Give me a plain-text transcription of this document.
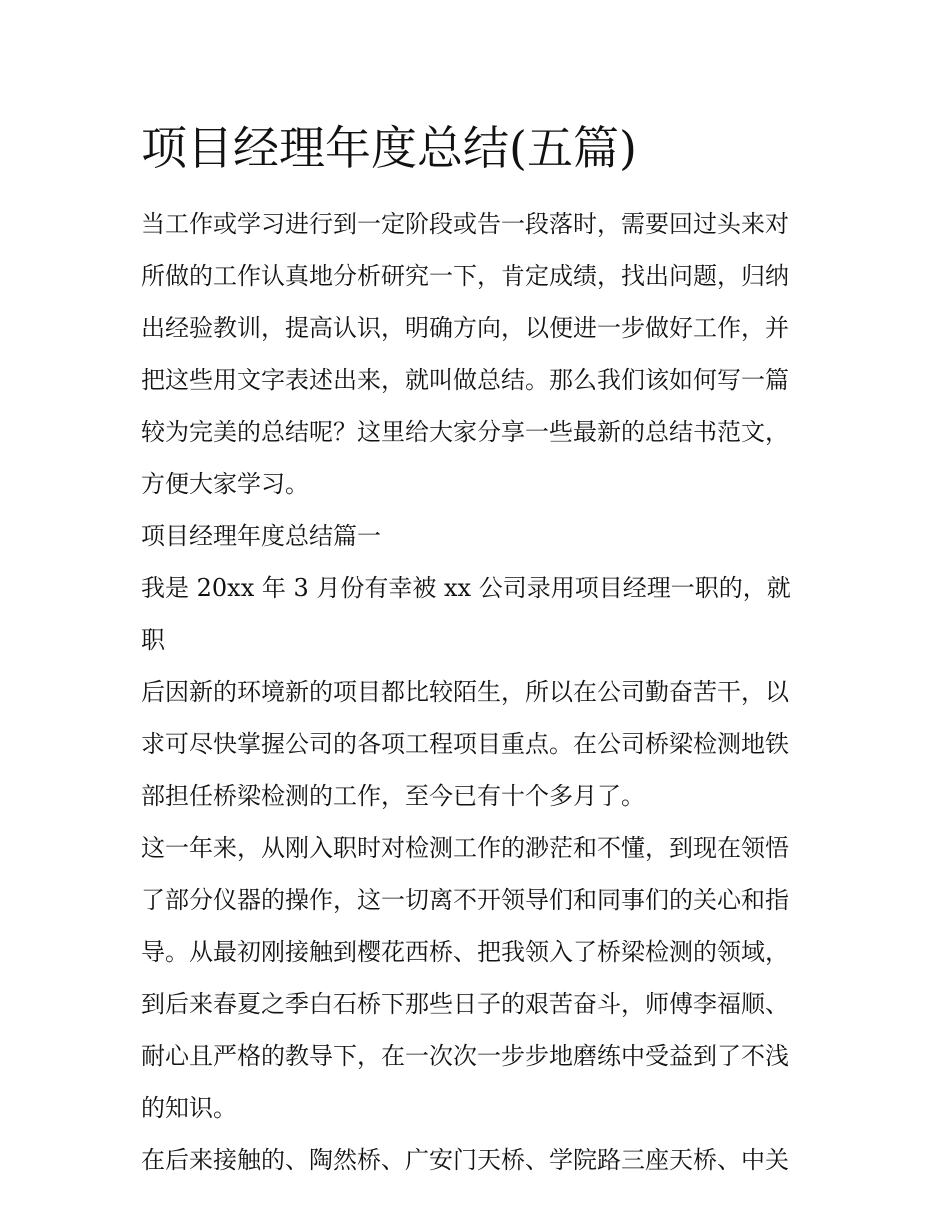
项目经理年度总结(五篇)

当工作或学习进行到一定阶段或告一段落时，需要回过头来对
所做的工作认真地分析研究一下，肯定成绩，找出问题，归纳
出经验教训，提高认识，明确方向，以便进一步做好工作，并
把这些用文字表述出来，就叫做总结。那么我们该如何写一篇
较为完美的总结呢？这里给大家分享一些最新的总结书范文，
方便大家学习。

项目经理年度总结篇一

我是 20xx 年 3 月份有幸被 xx 公司录用项目经理一职的，就职
后因新的环境新的项目都比较陌生，所以在公司勤奋苦干，以
求可尽快掌握公司的各项工程项目重点。在公司桥梁检测地铁
部担任桥梁检测的工作，至今已有十个多月了。

这一年来，从刚入职时对检测工作的渺茫和不懂，到现在领悟
了部分仪器的操作，这一切离不开领导们和同事们的关心和指
导。从最初刚接触到樱花西桥、把我领入了桥梁检测的领域，
到后来春夏之季白石桥下那些日子的艰苦奋斗，师傅李福顺、
耐心且严格的教导下，在一次次一步步地磨练中受益到了不浅
的知识。

在后来接触的、陶然桥、广安门天桥、学院路三座天桥、中关
